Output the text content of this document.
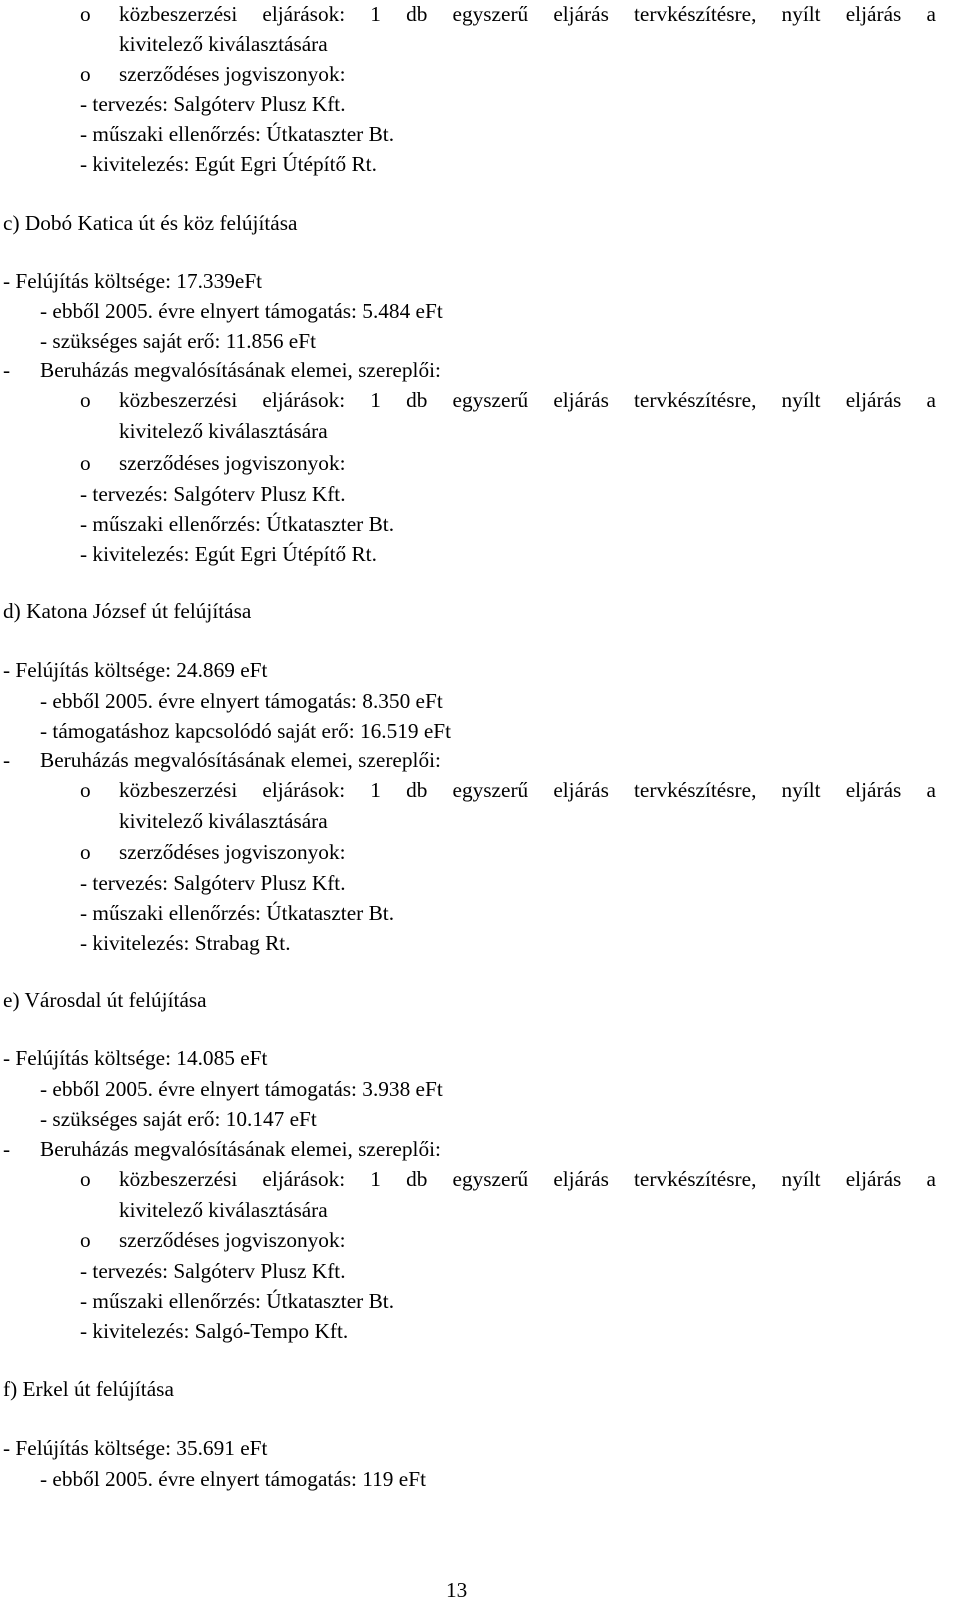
o közbeszerzési eljárások: 1 db egyszerű eljárás tervkészítésre, nyílt eljárás a
kivitelező kiválasztására
o szerződéses jogviszonyok:
- tervezés: Salgóterv Plusz Kft.
- műszaki ellenőrzés: Útkataszter Bt.
- kivitelezés: Egút Egri Útépítő Rt.
c) Dobó Katica út és köz felújítása
- Felújítás költsége: 17.339eFt
- ebből 2005. évre elnyert támogatás: 5.484 eFt
- szükséges saját erő: 11.856 eFt
- Beruházás megvalósításának elemei, szereplői:
o közbeszerzési eljárások: 1 db egyszerű eljárás tervkészítésre, nyílt eljárás a
kivitelező kiválasztására
o szerződéses jogviszonyok:
- tervezés: Salgóterv Plusz Kft.
- műszaki ellenőrzés: Útkataszter Bt.
- kivitelezés: Egút Egri Útépítő Rt.
d) Katona József út felújítása
- Felújítás költsége: 24.869 eFt
- ebből 2005. évre elnyert támogatás: 8.350 eFt
- támogatáshoz kapcsolódó saját erő: 16.519 eFt
- Beruházás megvalósításának elemei, szereplői:
o közbeszerzési eljárások: 1 db egyszerű eljárás tervkészítésre, nyílt eljárás a
kivitelező kiválasztására
o szerződéses jogviszonyok:
- tervezés: Salgóterv Plusz Kft.
- műszaki ellenőrzés: Útkataszter Bt.
- kivitelezés: Strabag Rt.
e) Városdal út felújítása
- Felújítás költsége: 14.085 eFt
- ebből 2005. évre elnyert támogatás: 3.938 eFt
- szükséges saját erő: 10.147 eFt
- Beruházás megvalósításának elemei, szereplői:
o közbeszerzési eljárások: 1 db egyszerű eljárás tervkészítésre, nyílt eljárás a
kivitelező kiválasztására
o szerződéses jogviszonyok:
- tervezés: Salgóterv Plusz Kft.
- műszaki ellenőrzés: Útkataszter Bt.
- kivitelezés: Salgó-Tempo Kft.
f) Erkel út felújítása
- Felújítás költsége: 35.691 eFt
- ebből 2005. évre elnyert támogatás: 119 eFt
13
